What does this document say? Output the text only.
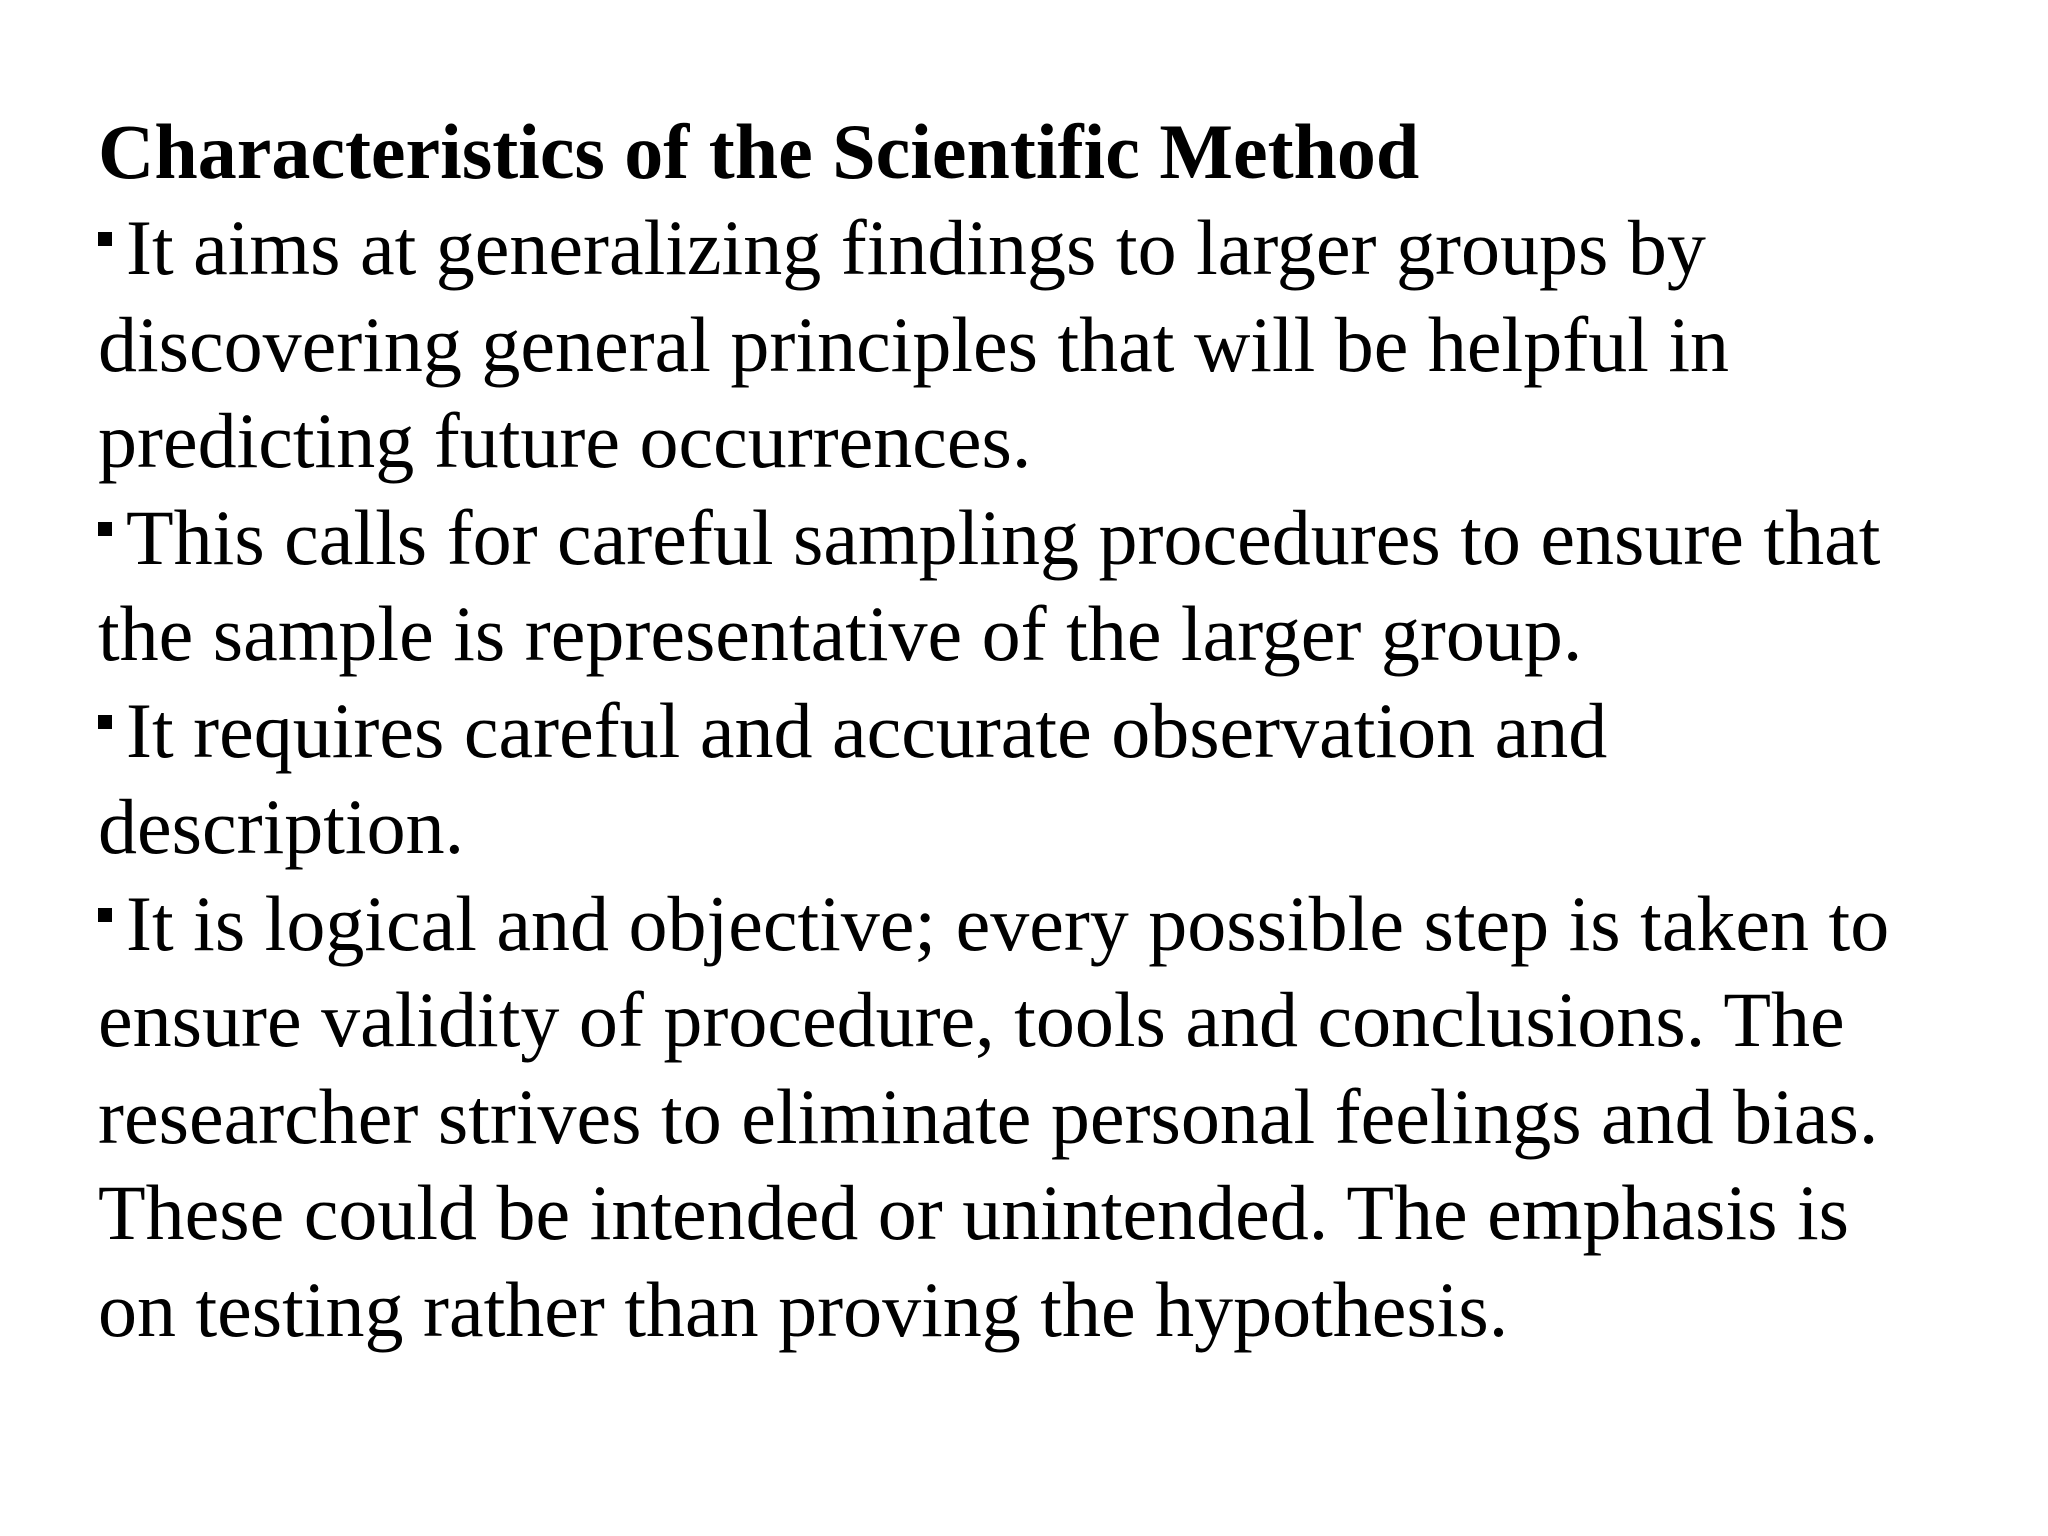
Characteristics of the Scientific Method
It aims at generalizing findings to larger groups by
discovering general principles that will be helpful in
predicting future occurrences.
This calls for careful sampling procedures to ensure that
the sample is representative of the larger group.
It requires careful and accurate observation and
description.
It is logical and objective; every possible step is taken to
ensure validity of procedure, tools and conclusions. The
researcher strives to eliminate personal feelings and bias.
These could be intended or unintended. The emphasis is
on testing rather than proving the hypothesis.
